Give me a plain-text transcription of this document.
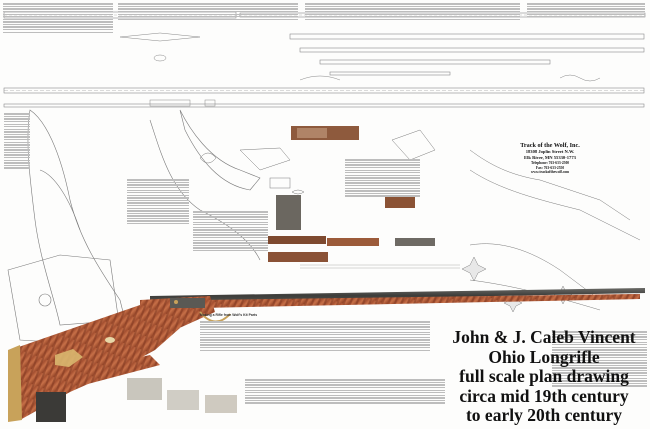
Making a Rifle from Wolf's Kit Parts
Track of the Wolf, Inc.
18308 Joplin Street N.W.
Elk River, MN 55330-1773
Telephone: 763-633-2500
Fax: 763-633-2550
www.trackofthewolf.com
John & J. Caleb Vincent
Ohio Longrifle
full scale plan drawing
circa mid 19th century
to early 20th century
